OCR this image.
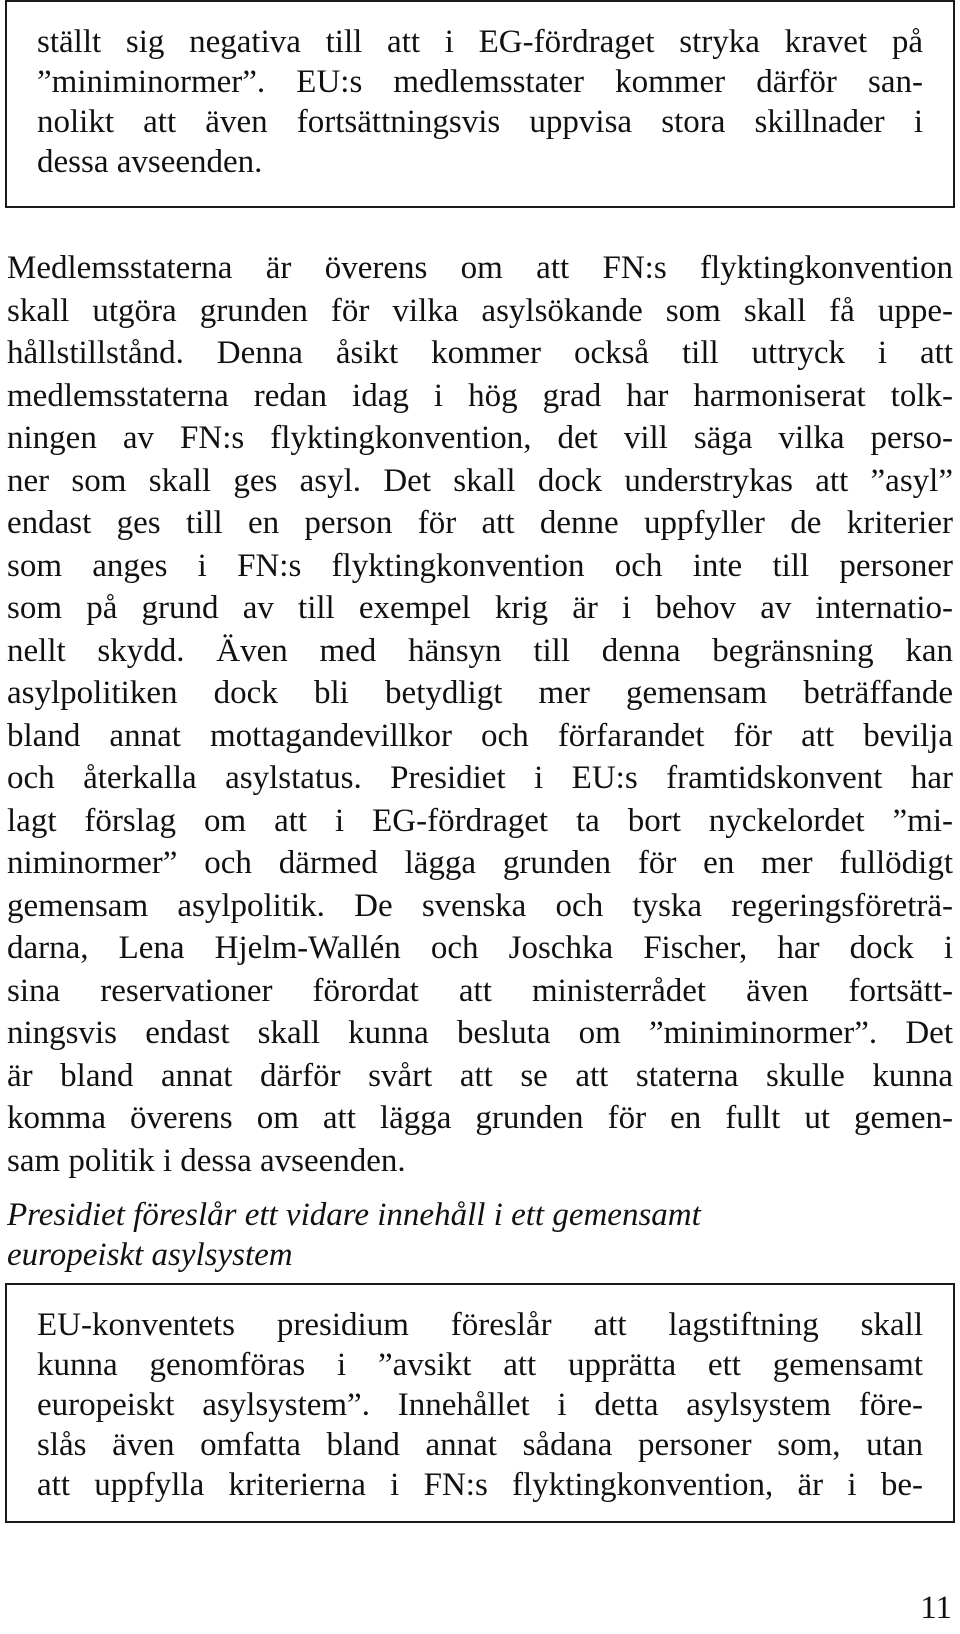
ställt sig negativa till att i EG-fördraget stryka kravet på
”miniminormer”. EU:s medlemsstater kommer därför san-
nolikt att även fortsättningsvis uppvisa stora skillnader i
dessa avseenden.
Medlemsstaterna är överens om att FN:s flyktingkonvention
skall utgöra grunden för vilka asylsökande som skall få uppe-
hållstillstånd. Denna åsikt kommer också till uttryck i att
medlemsstaterna redan idag i hög grad har harmoniserat tolk-
ningen av FN:s flyktingkonvention, det vill säga vilka perso-
ner som skall ges asyl. Det skall dock understrykas att ”asyl”
endast ges till en person för att denne uppfyller de kriterier
som anges i FN:s flyktingkonvention och inte till personer
som på grund av till exempel krig är i behov av internatio-
nellt skydd. Även med hänsyn till denna begränsning kan
asylpolitiken dock bli betydligt mer gemensam beträffande
bland annat mottagandevillkor och förfarandet för att bevilja
och återkalla asylstatus. Presidiet i EU:s framtidskonvent har
lagt förslag om att i EG-fördraget ta bort nyckelordet ”mi-
niminormer” och därmed lägga grunden för en mer fullödigt
gemensam asylpolitik. De svenska och tyska regeringsföreträ-
darna, Lena Hjelm-Wallén och Joschka Fischer, har dock i
sina reservationer förordat att ministerrådet även fortsätt-
ningsvis endast skall kunna besluta om ”miniminormer”. Det
är bland annat därför svårt att se att staterna skulle kunna
komma överens om att lägga grunden för en fullt ut gemen-
sam politik i dessa avseenden.
Presidiet föreslår ett vidare innehåll i ett gemensamt
europeiskt asylsystem
EU-konventets presidium föreslår att lagstiftning skall
kunna genomföras i ”avsikt att upprätta ett gemensamt
europeiskt asylsystem”. Innehållet i detta asylsystem före-
slås även omfatta bland annat sådana personer som, utan
att uppfylla kriterierna i FN:s flyktingkonvention, är i be-
11
